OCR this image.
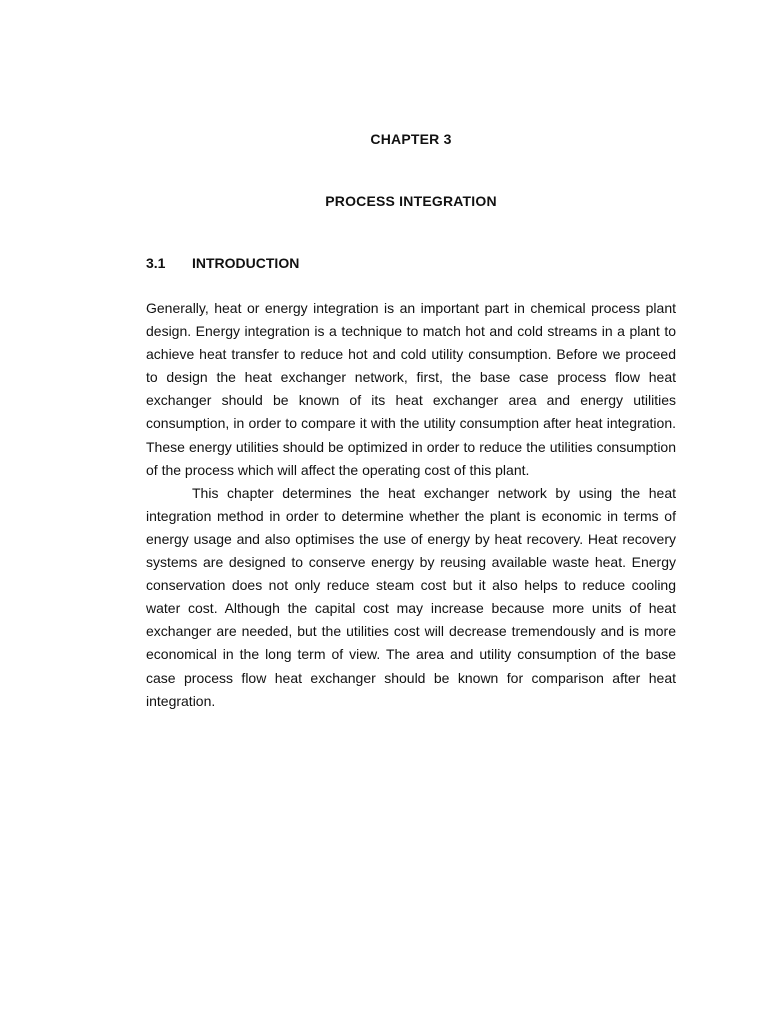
CHAPTER 3
PROCESS INTEGRATION
3.1 INTRODUCTION

Generally, heat or energy integration is an important part in chemical process plant design. Energy integration is a technique to match hot and cold streams in a plant to achieve heat transfer to reduce hot and cold utility consumption. Before we proceed to design the heat exchanger network, first, the base case process flow heat exchanger should be known of its heat exchanger area and energy utilities consumption, in order to compare it with the utility consumption after heat integration. These energy utilities should be optimized in order to reduce the utilities consumption of the process which will affect the operating cost of this plant.

This chapter determines the heat exchanger network by using the heat integration method in order to determine whether the plant is economic in terms of energy usage and also optimises the use of energy by heat recovery. Heat recovery systems are designed to conserve energy by reusing available waste heat. Energy conservation does not only reduce steam cost but it also helps to reduce cooling water cost. Although the capital cost may increase because more units of heat exchanger are needed, but the utilities cost will decrease tremendously and is more economical in the long term of view. The area and utility consumption of the base case process flow heat exchanger should be known for comparison after heat integration.
